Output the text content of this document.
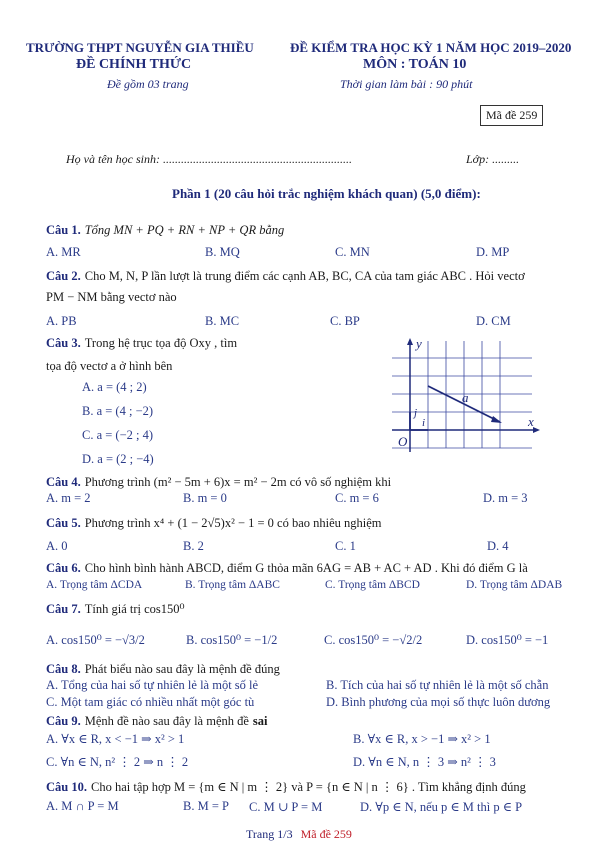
TRƯỜNG THPT NGUYỄN GIA THIỀU
ĐỀ CHÍNH THỨC
Đề gồm 03 trang
ĐỀ KIỂM TRA HỌC KỲ 1 NĂM HỌC 2019–2020
MÔN : TOÁN 10
Thời gian làm bài : 90 phút
Mã đề 259
Họ và tên học sinh: ...............................................................	Lớp: .........
Phần 1 (20 câu hỏi trắc nghiệm khách quan) (5,0 điểm):
Câu 1. Tổng MN + PQ + RN + NP + QR bằng
A. MR	B. MQ	C. MN	D. MP
Câu 2. Cho M, N, P lần lượt là trung điểm các cạnh AB, BC, CA của tam giác ABC . Hỏi vectơ
PM − NM bằng vectơ nào
A. PB	B. MC	C. BP	D. CM
Câu 3. Trong hệ trục tọa độ Oxy , tìm
tọa độ vectơ a ở hình bên
A. a = (4 ; 2)
B. a = (4 ; −2)
C. a = (−2 ; 4)
D. a = (2 ; −4)
y
x
O
a
i
j
Câu 4. Phương trình (m² − 5m + 6)x = m² − 2m có vô số nghiệm khi
A. m = 2	B. m = 0	C. m = 6	D. m = 3
Câu 5. Phương trình x⁴ + (1 − 2√5)x² − 1 = 0 có bao nhiêu nghiệm
A. 0	B. 2	C. 1	D. 4
Câu 6. Cho hình bình hành ABCD, điểm G thỏa mãn 6AG = AB + AC + AD . Khi đó điểm G là
A. Trọng tâm ΔCDA	B. Trọng tâm ΔABC	C. Trọng tâm ΔBCD	D. Trọng tâm ΔDAB
Câu 7. Tính giá trị cos150⁰
A. cos150⁰ = −√3/2	B. cos150⁰ = −1/2	C. cos150⁰ = −√2/2	D. cos150⁰ = −1
Câu 8. Phát biểu nào sau đây là mệnh đề đúng
A. Tổng của hai số tự nhiên lẻ là một số lẻ	B. Tích của hai số tự nhiên lẻ là một số chẵn
C. Một tam giác có nhiều nhất một góc tù	D. Bình phương của mọi số thực luôn dương
Câu 9. Mệnh đề nào sau đây là mệnh đề sai
A. ∀x ∈ R, x < −1 ⇒ x² > 1	B. ∀x ∈ R, x > −1 ⇒ x² > 1
C. ∀n ∈ N, n² ⋮ 2 ⇒ n ⋮ 2	D. ∀n ∈ N, n ⋮ 3 ⇒ n² ⋮ 3
Câu 10. Cho hai tập hợp M = {m ∈ N | m ⋮ 2} và P = {n ∈ N | n ⋮ 6} . Tìm khẳng định đúng
A. M ∩ P = M	B. M = P C. M ∪ P = M	D. ∀p ∈ N, nếu p ∈ M thì p ∈ P
Trang 1/3 Mã đề 259
